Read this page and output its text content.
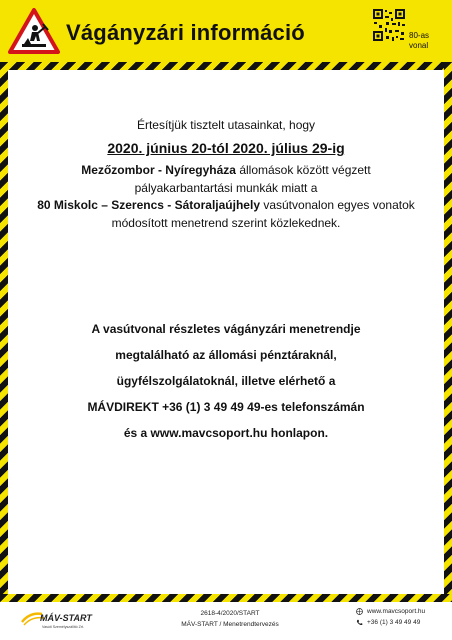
Vágányzári információ	80-as
vonal
Értesítjük tisztelt utasainkat, hogy
2020. június 20-tól 2020. július 29-ig
Mezőzombor - Nyíregyháza állomások között végzett pályakarbantartási munkák miatt a
80 Miskolc – Szerencs - Sátoraljaújhely vasútvonalon egyes vonatok módosított menetrend szerint közlekednek.
A vasútvonal részletes vágányzári menetrendje
megtalálható az állomási pénztáraknál,
ügyfélszolgálatoknál, illetve elérhető a
MÁVDIREKT +36 (1) 3 49 49 49-es telefonszámán
és a www.mavcsoport.hu honlapon.
MÁV-START
Vasúti Személyszállító Zrt.
2618-4/2020/START
MÁV-START / Menetrendtervezés
www.mavcsoport.hu
+36 (1) 3 49 49 49
